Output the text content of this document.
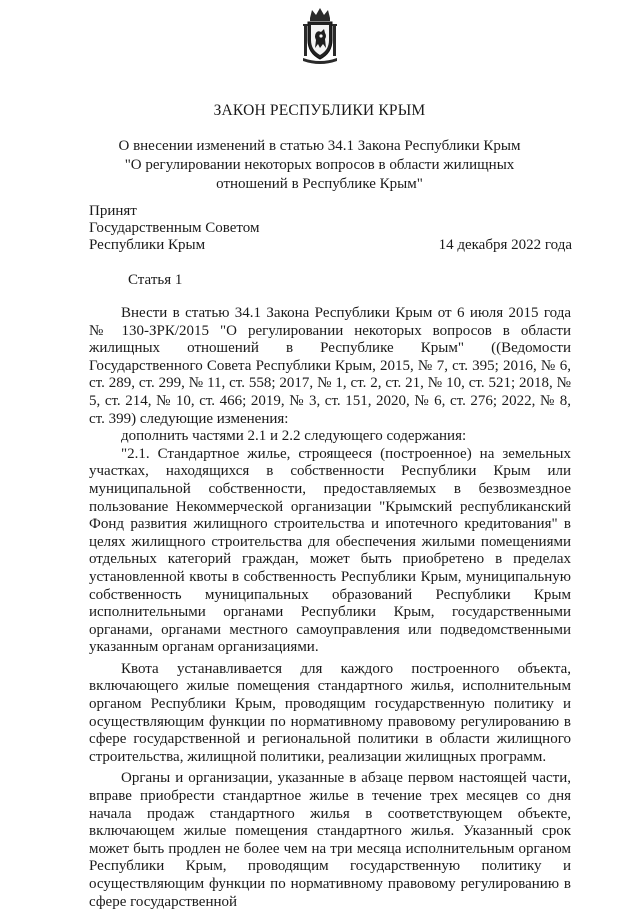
ЗАКОН РЕСПУБЛИКИ КРЫМ
О внесении изменений в статью 34.1 Закона Республики Крым
"О регулировании некоторых вопросов в области жилищных
отношений в Республике Крым"
Принят
Государственным Советом
Республики Крым	14 декабря 2022 года
Статья 1

Внести в статью 34.1 Закона Республики Крым от 6 июля 2015 года № 130-ЗРК/2015 "О регулировании некоторых вопросов в области жилищных отношений в Республике Крым" ((Ведомости Государственного Совета Республики Крым, 2015, № 7, ст. 395; 2016, № 6, ст. 289, ст. 299, № 11, ст. 558; 2017, № 1, ст. 2, ст. 21, № 10, ст. 521; 2018, № 5, ст. 214, № 10, ст. 466; 2019, № 3, ст. 151, 2020, № 6, ст. 276; 2022, № 8, ст. 399) следующие изменения:

дополнить частями 2.1 и 2.2 следующего содержания:

"2.1. Стандартное жилье, строящееся (построенное) на земельных участках, находящихся в собственности Республики Крым или муниципальной собственности, предоставляемых в безвозмездное пользование Некоммерческой организации "Крымский республиканский Фонд развития жилищного строительства и ипотечного кредитования" в целях жилищного строительства для обеспечения жилыми помещениями отдельных категорий граждан, может быть приобретено в пределах установленной квоты в собственность Республики Крым, муниципальную собственность муниципальных образований Республики Крым исполнительными органами Республики Крым, государственными органами, органами местного самоуправления или подведомственными указанным органам организациями.

Квота устанавливается для каждого построенного объекта, включающего жилые помещения стандартного жилья, исполнительным органом Республики Крым, проводящим государственную политику и осуществляющим функции по нормативному правовому регулированию в сфере государственной и региональной политики в области жилищного строительства, жилищной политики, реализации жилищных программ.

Органы и организации, указанные в абзаце первом настоящей части, вправе приобрести стандартное жилье в течение трех месяцев со дня начала продаж стандартного жилья в соответствующем объекте, включающем жилые помещения стандартного жилья. Указанный срок может быть продлен не более чем на три месяца исполнительным органом Республики Крым, проводящим государственную политику и осуществляющим функции по нормативному правовому регулированию в сфере государственной
